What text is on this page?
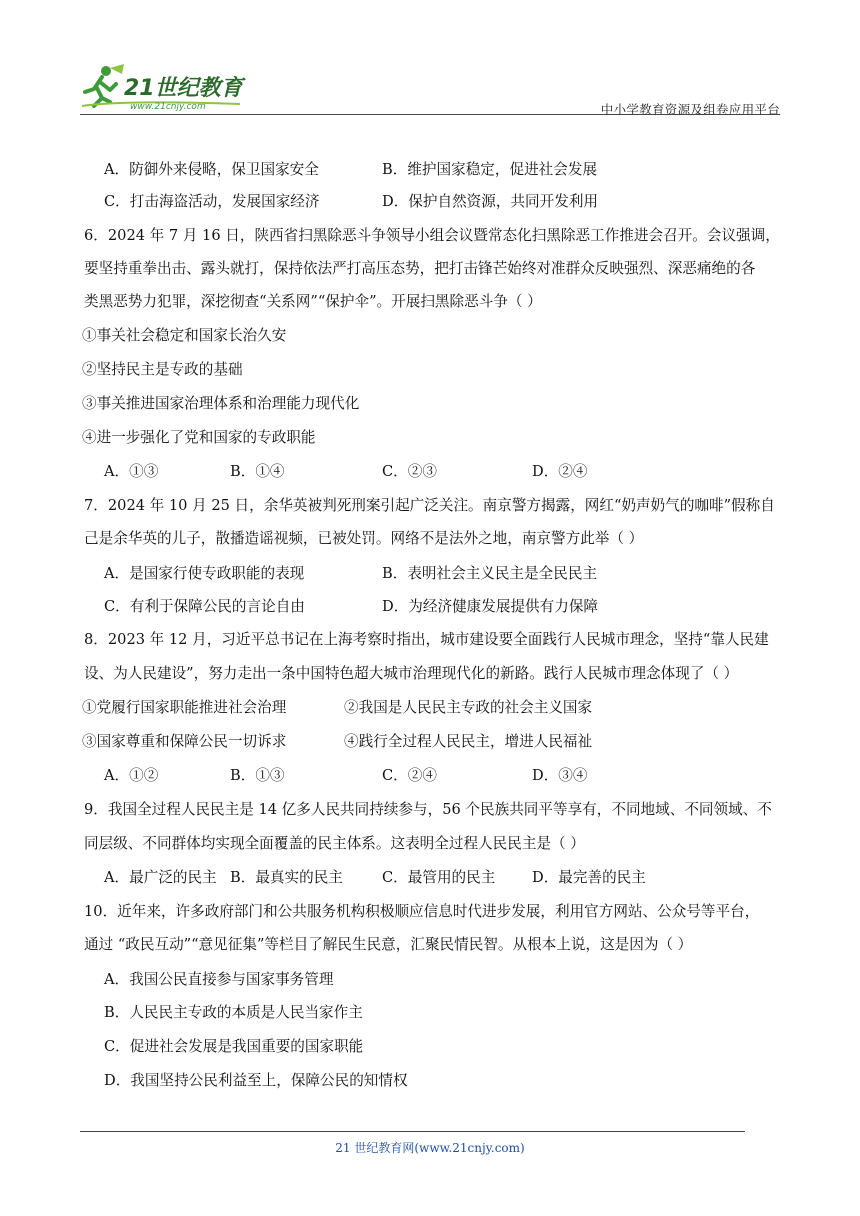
21世纪教育
www.21cnjy.com	中小学教育资源及组卷应用平台
A．防御外来侵略，保卫国家安全	B．维护国家稳定，促进社会发展
C．打击海盗活动，发展国家经济	D．保护自然资源，共同开发利用
6．2024 年 7 月 16 日，陕西省扫黑除恶斗争领导小组会议暨常态化扫黑除恶工作推进会召开。会议强调，
要坚持重拳出击、露头就打，保持依法严打高压态势，把打击锋芒始终对准群众反映强烈、深恶痛绝的各
类黑恶势力犯罪，深挖彻查“关系网”“保护伞”。开展扫黑除恶斗争（ ）
①事关社会稳定和国家长治久安
②坚持民主是专政的基础
③事关推进国家治理体系和治理能力现代化
④进一步强化了党和国家的专政职能
A．①③	B．①④	C．②③	D．②④
7．2024 年 10 月 25 日，余华英被判死刑案引起广泛关注。南京警方揭露，网红“奶声奶气的咖啡”假称自
己是余华英的儿子，散播造谣视频，已被处罚。网络不是法外之地，南京警方此举（ ）
A．是国家行使专政职能的表现	B．表明社会主义民主是全民民主
C．有利于保障公民的言论自由	D．为经济健康发展提供有力保障
8．2023 年 12 月，习近平总书记在上海考察时指出，城市建设要全面践行人民城市理念，坚持“靠人民建
设、为人民建设”，努力走出一条中国特色超大城市治理现代化的新路。践行人民城市理念体现了（ ）
①党履行国家职能推进社会治理	②我国是人民民主专政的社会主义国家
③国家尊重和保障公民一切诉求	④践行全过程人民民主，增进人民福祉
A．①②	B．①③	C．②④	D．③④
9．我国全过程人民民主是 14 亿多人民共同持续参与，56 个民族共同平等享有，不同地域、不同领域、不
同层级、不同群体均实现全面覆盖的民主体系。这表明全过程人民民主是（ ）
A．最广泛的民主 B．最真实的民主	C．最管用的民主	D．最完善的民主
10．近年来，许多政府部门和公共服务机构积极顺应信息时代进步发展，利用官方网站、公众号等平台，
通过 “政民互动”“意见征集”等栏目了解民生民意，汇聚民情民智。从根本上说，这是因为（ ）
A．我国公民直接参与国家事务管理
B．人民民主专政的本质是人民当家作主
C．促进社会发展是我国重要的国家职能
D．我国坚持公民利益至上，保障公民的知情权
21 世纪教育网(www.21cnjy.com)
